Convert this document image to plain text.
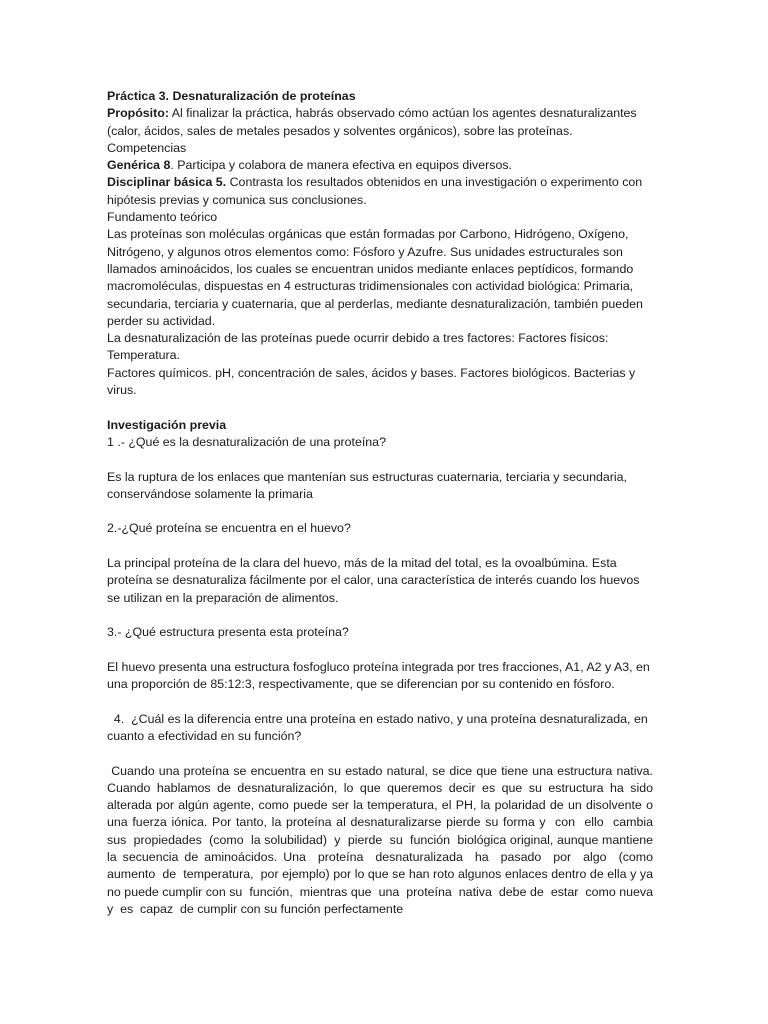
Práctica 3. Desnaturalización de proteínas

Propósito: Al finalizar la práctica, habrás observado cómo actúan los agentes desnaturalizantes (calor, ácidos, sales de metales pesados y solventes orgánicos), sobre las proteínas.

Competencias

Genérica 8. Participa y colabora de manera efectiva en equipos diversos.

Disciplinar básica 5. Contrasta los resultados obtenidos en una investigación o experimento con hipótesis previas y comunica sus conclusiones.

Fundamento teórico

Las proteínas son moléculas orgánicas que están formadas por Carbono, Hidrógeno, Oxígeno, Nitrógeno, y algunos otros elementos como: Fósforo y Azufre. Sus unidades estructurales son llamados aminoácidos, los cuales se encuentran unidos mediante enlaces peptídicos, formando macromoléculas, dispuestas en 4 estructuras tridimensionales con actividad biológica: Primaria, secundaria, terciaria y cuaternaria, que al perderlas, mediante desnaturalización, también pueden perder su actividad.

La desnaturalización de las proteínas puede ocurrir debido a tres factores: Factores físicos: Temperatura.

Factores químicos. pH, concentración de sales, ácidos y bases. Factores biológicos. Bacterias y virus.

Investigación previa

1 .- ¿Qué es la desnaturalización de una proteína?

Es la ruptura de los enlaces que mantenían sus estructuras cuaternaria, terciaria y secundaria, conservándose solamente la primaria

2.-¿Qué proteína se encuentra en el huevo?

La principal proteína de la clara del huevo, más de la mitad del total, es la ovoalbúmina. Esta proteína se desnaturaliza fácilmente por el calor, una característica de interés cuando los huevos se utilizan en la preparación de alimentos.

3.- ¿Qué estructura presenta esta proteína?

El huevo presenta una estructura fosfogluco proteína integrada por tres fracciones, A1, A2 y A3, en una proporción de 85:12:3, respectivamente, que se diferencian por su contenido en fósforo.

4.  ¿Cuál es la diferencia entre una proteína en estado nativo, y una proteína desnaturalizada, en cuanto a efectividad en su función?

Cuando una proteína se encuentra en su estado natural, se dice que tiene una estructura nativa. Cuando hablamos de desnaturalización, lo que queremos decir es que su estructura ha sido alterada por algún agente, como puede ser la temperatura, el PH, la polaridad de un disolvente o una fuerza iónica. Por tanto, la proteína al desnaturalizarse pierde su forma y  con  ello  cambia sus  propiedades  (como  la solubilidad)  y  pierde  su  función  biológica original, aunque mantiene la secuencia de aminoácidos. Una  proteína  desnaturalizada  ha  pasado  por  algo  (como aumento  de  temperatura,  por ejemplo) por lo que se han roto algunos enlaces dentro de ella y ya no puede cumplir con su  función,  mientras que  una  proteína  nativa  debe de  estar  como nueva  y  es  capaz  de cumplir con su función perfectamente
